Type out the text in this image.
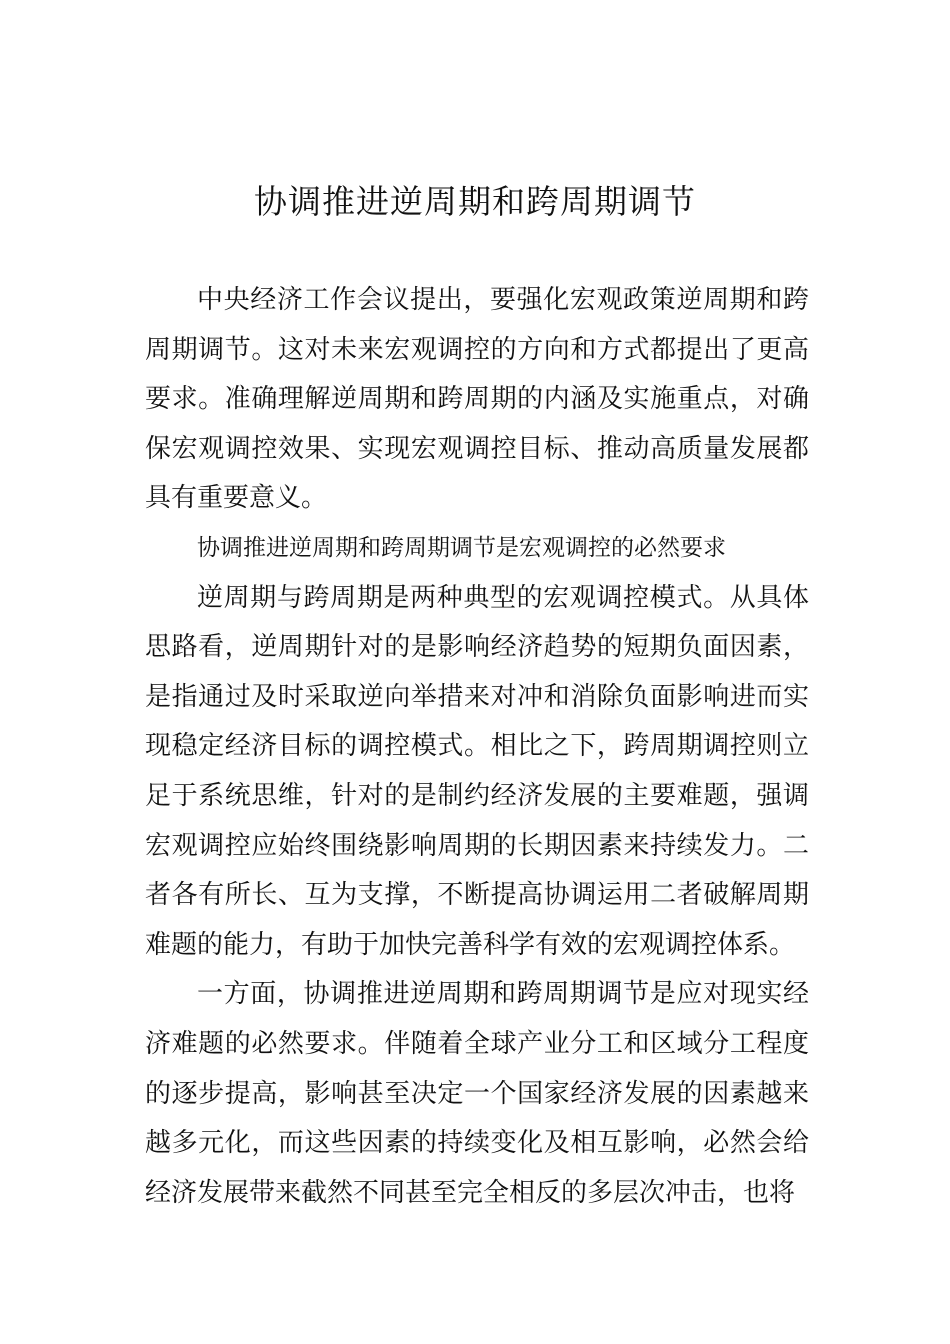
协调推进逆周期和跨周期调节

中央经济工作会议提出，要强化宏观政策逆周期和跨周期调节。这对未来宏观调控的方向和方式都提出了更高要求。准确理解逆周期和跨周期的内涵及实施重点，对确保宏观调控效果、实现宏观调控目标、推动高质量发展都具有重要意义。

协调推进逆周期和跨周期调节是宏观调控的必然要求

逆周期与跨周期是两种典型的宏观调控模式。从具体思路看，逆周期针对的是影响经济趋势的短期负面因素，是指通过及时采取逆向举措来对冲和消除负面影响进而实现稳定经济目标的调控模式。相比之下，跨周期调控则立足于系统思维，针对的是制约经济发展的主要难题，强调宏观调控应始终围绕影响周期的长期因素来持续发力。二者各有所长、互为支撑，不断提高协调运用二者破解周期难题的能力，有助于加快完善科学有效的宏观调控体系。

一方面，协调推进逆周期和跨周期调节是应对现实经济难题的必然要求。伴随着全球产业分工和区域分工程度的逐步提高，影响甚至决定一个国家经济发展的因素越来越多元化，而这些因素的持续变化及相互影响，必然会给经济发展带来截然不同甚至完全相反的多层次冲击，也将
